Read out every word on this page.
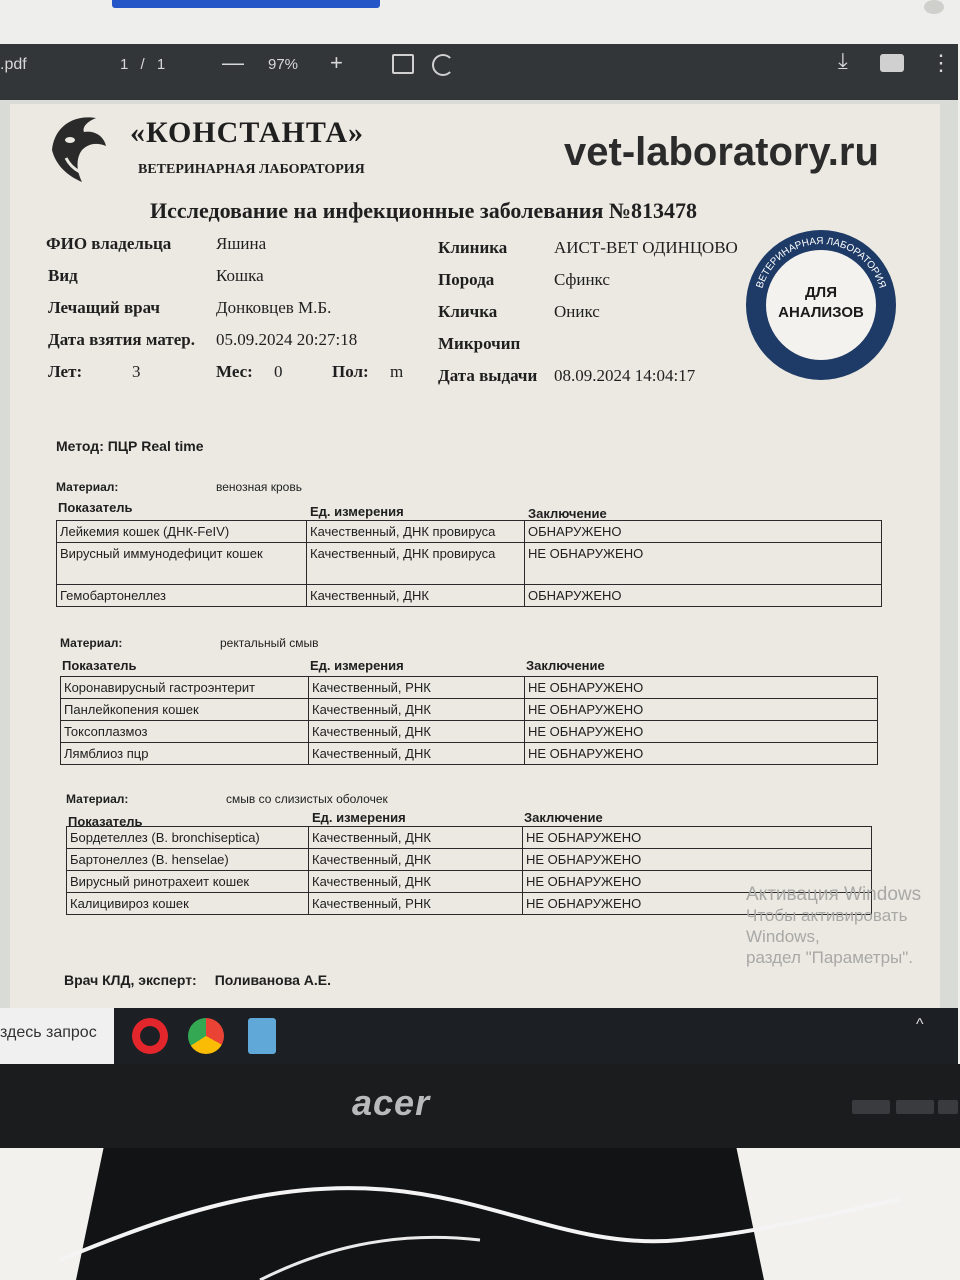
.pdf	1 / 1 — 97% +	⤓	⋮
«КОНСТАНТА»
ВЕТЕРИНАРНАЯ ЛАБОРАТОРИЯ	vet-laboratory.ru
Исследование на инфекционные заболевания №813478
ФИО владельца	Яшина
Вид	Кошка
Лечащий врач	Донковцев М.Б.
Дата взятия матер. 05.09.2024 20:27:18
Лет:	3	Мес: 0	Пол: m
Клиника	АИСТ-ВЕТ ОДИНЦОВО
Порода	Сфинкс
Кличка	Оникс
Микрочип
Дата выдачи 08.09.2024 14:04:17
ВЕТЕРИНАРНАЯ ЛАБОРАТОРИЯ
ДЛЯ
АНАЛИЗОВ
Метод: ПЦР Real time
Материал:	венозная кровь
Показатель	Ед. измерения	Заключение
Лейкемия кошек (ДНК-FeIV)	Качественный, ДНК провируса	ОБНАРУЖЕНО
Вирусный иммунодефицит кошек	Качественный, ДНК провируса	НЕ ОБНАРУЖЕНО
Гемобартонеллез	Качественный, ДНК	ОБНАРУЖЕНО
Материал:	ректальный смыв
Показатель	Ед. измерения	Заключение
Коронавирусный гастроэнтерит	Качественный, РНК	НЕ ОБНАРУЖЕНО
Панлейкопения кошек	Качественный, ДНК	НЕ ОБНАРУЖЕНО
Токсоплазмоз	Качественный, ДНК	НЕ ОБНАРУЖЕНО
Лямблиоз пцр	Качественный, ДНК	НЕ ОБНАРУЖЕНО
Материал:	смыв со слизистых оболочек
Показатель	Ед. измерения	Заключение
Бордетеллез (B. bronchiseptica)	Качественный, ДНК	НЕ ОБНАРУЖЕНО
Бартонеллез (B. henselae)	Качественный, ДНК	НЕ ОБНАРУЖЕНО
Вирусный ринотрахеит кошек	Качественный, ДНК	НЕ ОБНАРУЖЕНО
Калицивироз кошек	Качественный, РНК	НЕ ОБНАРУЖЕНО
Врач КЛД, эксперт: Поливанова А.Е.
Активация Windows
Чтобы активировать Windows,
раздел "Параметры".
здесь запрос	^
acer
